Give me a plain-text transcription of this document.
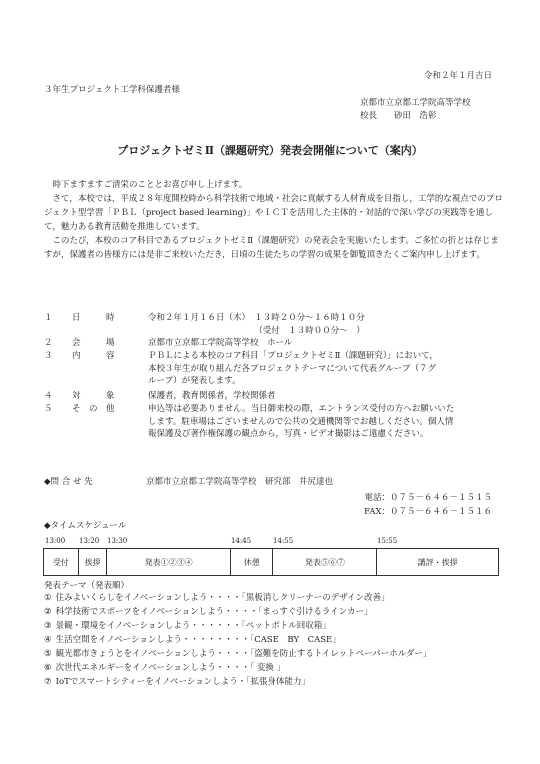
令和２年１月吉日
３年生プロジェクト工学科保護者様
京都市立京都工学院高等学校
校長　　砂田　浩彰
プロジェクトゼミⅡ（課題研究）発表会開催について（案内）

時下ますますご清栄のこととお喜び申し上げます。

さて，本校では，平成２８年度開校時から科学技術で地域・社会に貢献する人材育成を目指し，工学的な視点でのプロジェクト型学習「ＰＢＬ（project based learning)」やＩＣＴを活用した主体的・対話的で深い学びの実践等を通して，魅力ある教育活動を推進しています。

このたび，本校のコア科目であるプロジェクトゼミⅡ（課題研究）の発表会を実施いたします。ご多忙の折とは存じますが，保護者の皆様方には是非ご来校いただき，日頃の生徒たちの学習の成果を御覧頂きたくご案内申し上げます。

１ 日　　　時	令和２年１月１６日（木）　１３時２０分～１６時１０分
　　　　　　　　　　　　　（受付　１３時００分～　）
２ 会　　　場	京都市立京都工学院高等学校　ホール
３ 内　　　容	ＰＢＬによる本校のコア科目「プロジェクトゼミⅡ（課題研究）」において，
本校３年生が取り組んだ各プロジェクトテーマについて代表グループ（７グ
ループ）が発表します。
４ 対　　　象	保護者，教育関係者，学校関係者
５ そ　の　他	申込等は必要ありません。当日御来校の際，エントランス受付の方へお願いいた
します。駐車場はございませんので公共の交通機関等でお越しください。個人情
報保護及び著作権保護の観点から，写真・ビデオ撮影はご遠慮ください。
◆問 合 せ 先	京都市立京都工学院高等学校　研究部　井尻達也
電話：０７５－６４６－１５１５
FAX：０７５－６４６－１５１６
◆タイムスケジュール
13:00 13:20 13:30	14:45	14:55	15:55
受付	挨拶	発表①②③④	休憩	発表⑤⑥⑦	講評・挨拶
発表テーマ（発表順）
① 住みよいくらしをイノベーションしよう・・・・「黒板消しクリーナーのデザイン改善」
② 科学技術でスポーツをイノベーションしよう・・・・「まっすぐ引けるラインカー」
③ 景観・環境をイノベーションしよう・・・・・・「ペットボトル回収箱」
④ 生活空間をイノベーションしよう・・・・・・・・「CASE　BY　CASE」
⑤ 観光都市きょうとをイノベーションしよう・・・・「盗難を防止するトイレットペーパーホルダー」
⑥ 次世代エネルギーをイノベーションしよう・・・・「 変換 」
⑦ IoTでスマートシティーをイノベーションしよう・「拡張身体能力」
